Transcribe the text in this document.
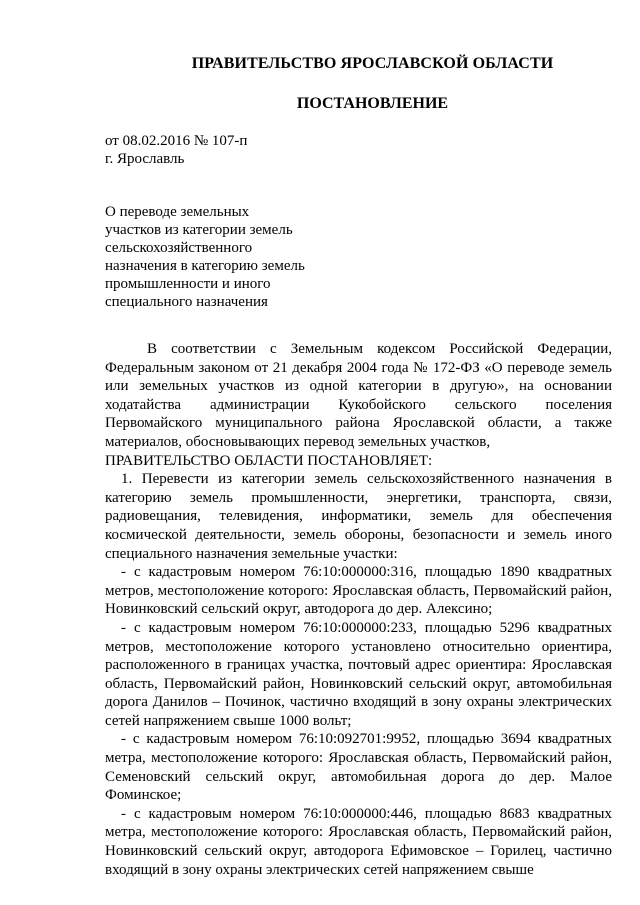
ПРАВИТЕЛЬСТВО ЯРОСЛАВСКОЙ ОБЛАСТИ
ПОСТАНОВЛЕНИЕ
от 08.02.2016 № 107-п
г. Ярославль
О переводе земельных
участков из категории земель
сельскохозяйственного
назначения в категорию земель
промышленности и иного
специального назначения

В соответствии с Земельным кодексом Российской Федерации, Федеральным законом от 21 декабря 2004 года № 172-ФЗ «О переводе земель или земельных участков из одной категории в другую», на основании ходатайства администрации Кукобойского сельского поселения Первомайского муниципального района Ярославской области, а также материалов, обосновывающих перевод земельных участков,

ПРАВИТЕЛЬСТВО ОБЛАСТИ ПОСТАНОВЛЯЕТ:

1. Перевести из категории земель сельскохозяйственного назначения в категорию земель промышленности, энергетики, транспорта, связи, радиовещания, телевидения, информатики, земель для обеспечения космической деятельности, земель обороны, безопасности и земель иного специального назначения земельные участки:

- с кадастровым номером 76:10:000000:316, площадью 1890 квадратных метров, местоположение которого: Ярославская область, Первомайский район, Новинковский сельский округ, автодорога до дер. Алексино;

- с кадастровым номером 76:10:000000:233, площадью 5296 квадратных метров, местоположение которого установлено относительно ориентира, расположенного в границах участка, почтовый адрес ориентира: Ярославская область, Первомайский район, Новинковский сельский округ, автомобильная дорога Данилов – Починок, частично входящий в зону охраны электрических сетей напряжением свыше 1000 вольт;

- с кадастровым номером 76:10:092701:9952, площадью 3694 квадратных метра, местоположение которого: Ярославская область, Первомайский район, Семеновский сельский округ, автомобильная дорога до дер. Малое Фоминское;

- с кадастровым номером 76:10:000000:446, площадью 8683 квадратных метра, местоположение которого: Ярославская область, Первомайский район, Новинковский сельский округ, автодорога Ефимовское – Горилец, частично входящий в зону охраны электрических сетей напряжением свыше
